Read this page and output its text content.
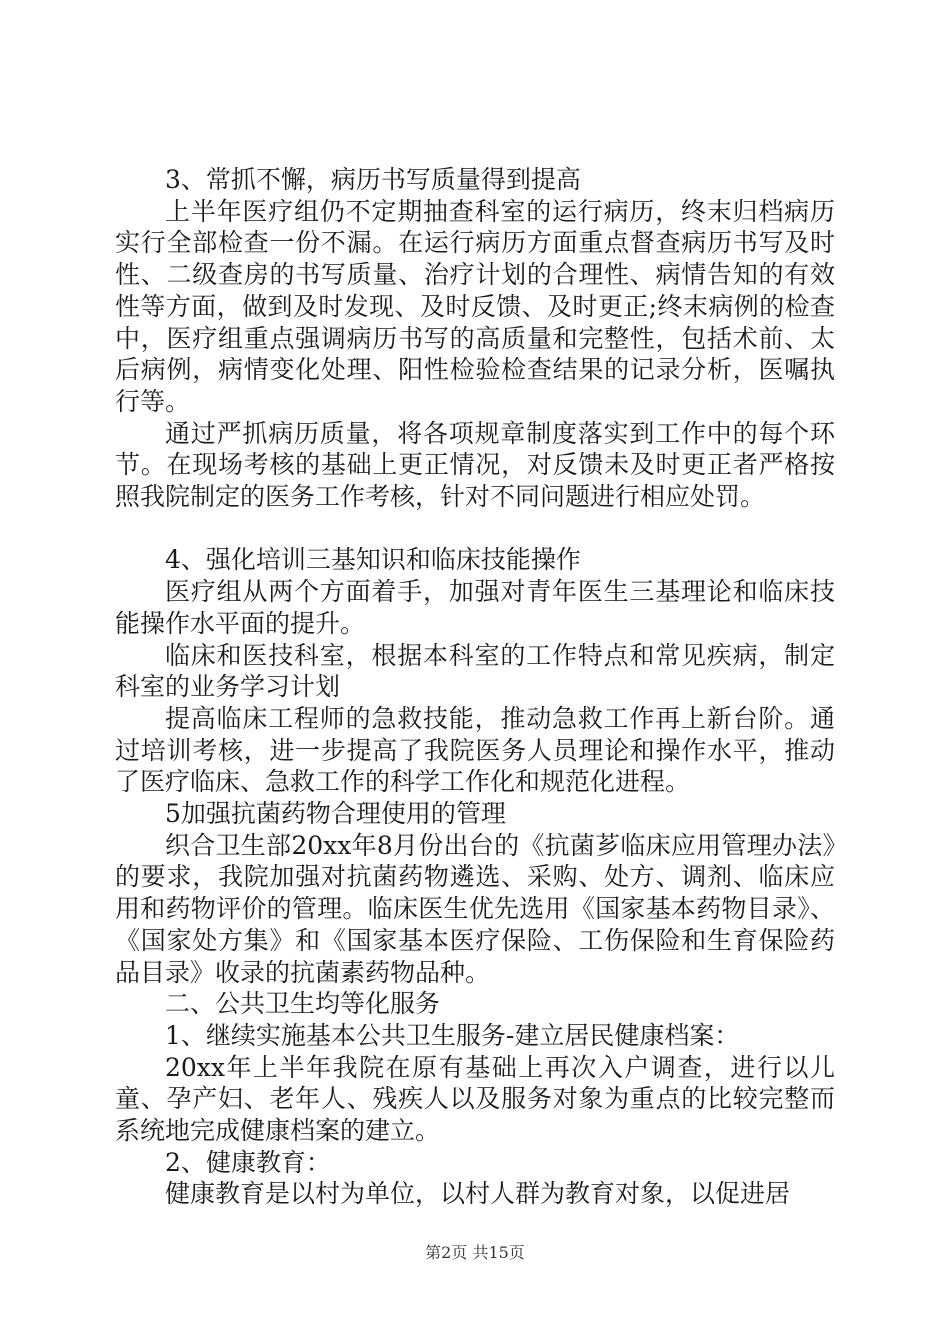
3、常抓不懈，病历书写质量得到提高

上半年医疗组仍不定期抽查科室的运行病历，终末归档病历实行全部检查一份不漏。在运行病历方面重点督查病历书写及时性、二级查房的书写质量、治疗计划的合理性、病情告知的有效性等方面，做到及时发现、及时反馈、及时更正;终末病例的检查中，医疗组重点强调病历书写的高质量和完整性，包括术前、太后病例，病情变化处理、阳性检验检查结果的记录分析，医嘱执行等。

通过严抓病历质量，将各项规章制度落实到工作中的每个环节。在现场考核的基础上更正情况，对反馈未及时更正者严格按照我院制定的医务工作考核，针对不同问题进行相应处罚。

4、强化培训三基知识和临床技能操作

医疗组从两个方面着手，加强对青年医生三基理论和临床技能操作水平面的提升。

临床和医技科室，根据本科室的工作特点和常见疾病，制定科室的业务学习计划

提高临床工程师的急救技能，推动急救工作再上新台阶。通过培训考核，进一步提高了我院医务人员理论和操作水平，推动了医疗临床、急救工作的科学工作化和规范化进程。

5加强抗菌药物合理使用的管理

织合卫生部20xx年8月份出台的《抗菌芗临床应用管理办法》的要求，我院加强对抗菌药物遴选、采购、处方、调剂、临床应用和药物评价的管理。临床医生优先选用《国家基本药物目录》、《国家处方集》和《国家基本医疗保险、工伤保险和生育保险药品目录》收录的抗菌素药物品种。

二、公共卫生均等化服务

1、继续实施基本公共卫生服务-建立居民健康档案：

20xx年上半年我院在原有基础上再次入户调查，进行以儿童、孕产妇、老年人、残疾人以及服务对象为重点的比较完整而系统地完成健康档案的建立。

2、健康教育：

健康教育是以村为单位，以村人群为教育对象，以促进居

第2页 共15页
